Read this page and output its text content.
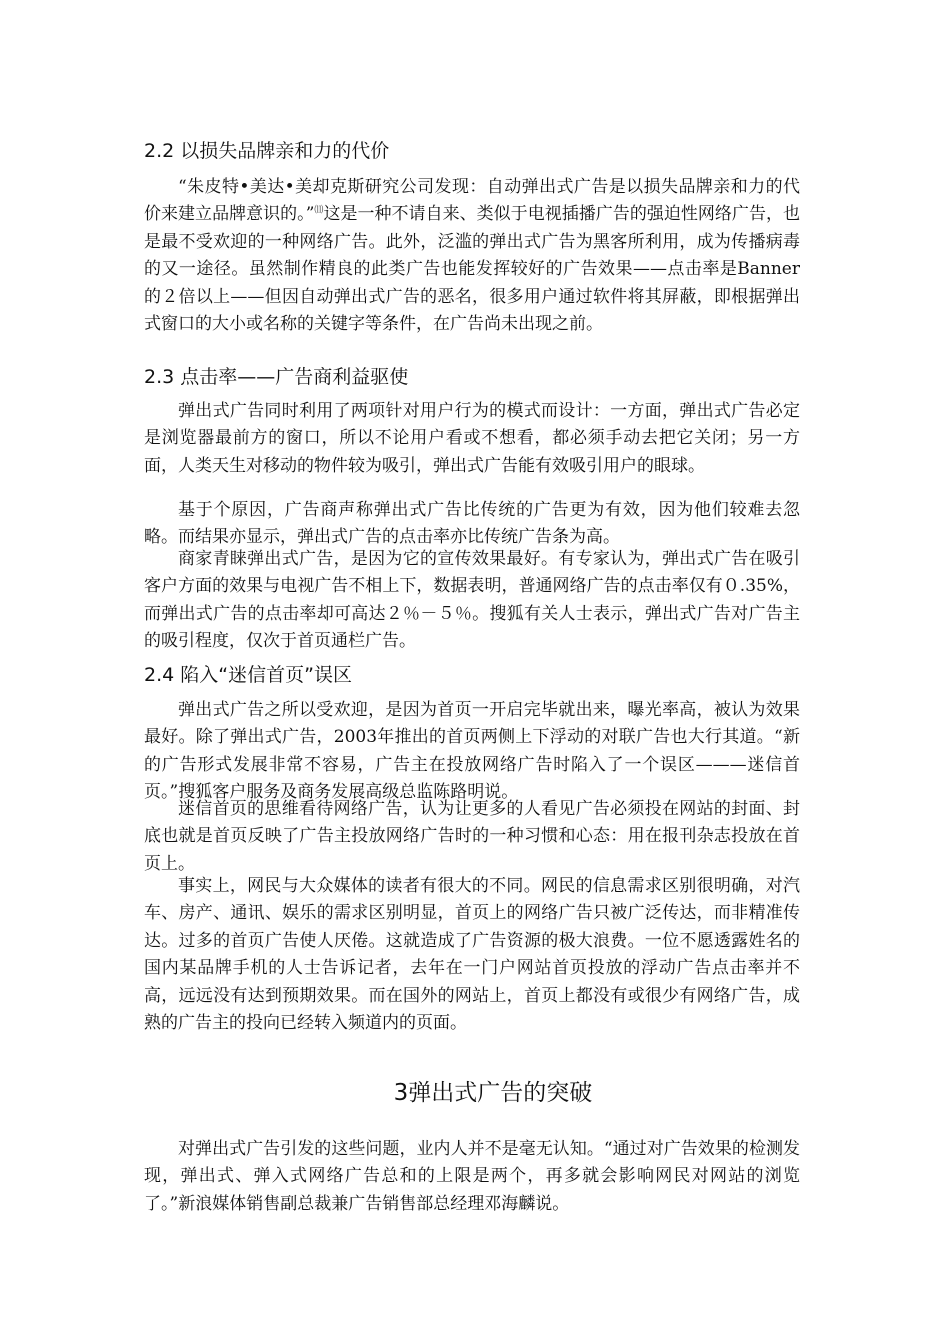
2.2 以损失品牌亲和力的代价

“朱皮特•美达•美却克斯研究公司发现：自动弹出式广告是以损失品牌亲和力的代价来建立品牌意识的。”⑾这是一种不请自来、类似于电视插播广告的强迫性网络广告，也是最不受欢迎的一种网络广告。此外，泛滥的弹出式广告为黑客所利用，成为传播病毒的又一途径。虽然制作精良的此类广告也能发挥较好的广告效果——点击率是Banner的２倍以上——但因自动弹出式广告的恶名，很多用户通过软件将其屏蔽，即根据弹出式窗口的大小或名称的关键字等条件，在广告尚未出现之前。

2.3 点击率——广告商利益驱使

弹出式广告同时利用了两项针对用户行为的模式而设计：一方面，弹出式广告必定是浏览器最前方的窗口，所以不论用户看或不想看，都必须手动去把它关闭；另一方面，人类天生对移动的物件较为吸引，弹出式广告能有效吸引用户的眼球。

基于个原因，广告商声称弹出式广告比传统的广告更为有效，因为他们较难去忽略。而结果亦显示，弹出式广告的点击率亦比传统广告条为高。

商家青睐弹出式广告，是因为它的宣传效果最好。有专家认为，弹出式广告在吸引客户方面的效果与电视广告不相上下，数据表明，普通网络广告的点击率仅有０.35%，而弹出式广告的点击率却可高达２％－５％。搜狐有关人士表示，弹出式广告对广告主的吸引程度，仅次于首页通栏广告。

2.4 陷入“迷信首页”误区

弹出式广告之所以受欢迎，是因为首页一开启完毕就出来，曝光率高，被认为效果最好。除了弹出式广告，2003年推出的首页两侧上下浮动的对联广告也大行其道。“新的广告形式发展非常不容易，广告主在投放网络广告时陷入了一个误区———迷信首页。”搜狐客户服务及商务发展高级总监陈路明说。

迷信首页的思维看待网络广告，认为让更多的人看见广告必须投在网站的封面、封底也就是首页反映了广告主投放网络广告时的一种习惯和心态：用在报刊杂志投放在首页上。

事实上，网民与大众媒体的读者有很大的不同。网民的信息需求区别很明确，对汽车、房产、通讯、娱乐的需求区别明显，首页上的网络广告只被广泛传达，而非精准传达。过多的首页广告使人厌倦。这就造成了广告资源的极大浪费。一位不愿透露姓名的国内某品牌手机的人士告诉记者，去年在一门户网站首页投放的浮动广告点击率并不高，远远没有达到预期效果。而在国外的网站上，首页上都没有或很少有网络广告，成熟的广告主的投向已经转入频道内的页面。

3弹出式广告的突破

对弹出式广告引发的这些问题，业内人并不是毫无认知。“通过对广告效果的检测发现，弹出式、弹入式网络广告总和的上限是两个，再多就会影响网民对网站的浏览了。”新浪媒体销售副总裁兼广告销售部总经理邓海麟说。
